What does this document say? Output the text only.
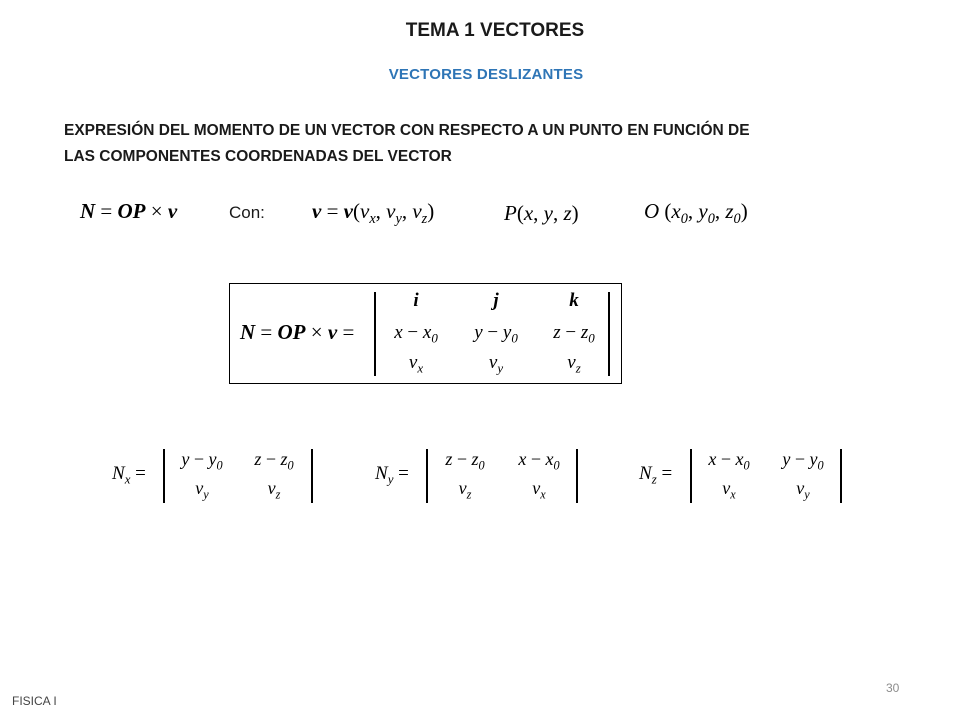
TEMA 1 VECTORES
VECTORES DESLIZANTES
EXPRESIÓN DEL MOMENTO DE UN VECTOR CON RESPECTO A UN PUNTO EN FUNCIÓN DE
LAS COMPONENTES COORDENADAS DEL VECTOR
N = OP × v	Con: $v = v(v_x$, $v_y$, $v_z$)	P(x, y, z)	O ($x_0$, $y_0$, $z_0$)
N = OP × v =
i	j	k
$x - x_0$	$y - y_0$	$z - z_0$
$v_x$	$v_y$	$v_z$
$N_x$ =
$y - y_0$	$z - z_0$
$v_y$	$v_z$
$N_y$ =
$z - z_0$	$x - x_0$
$v_z$	$v_x$
$N_z$ =
$x - x_0$	$y - y_0$
$v_x$	$v_y$
30
FISICA I
